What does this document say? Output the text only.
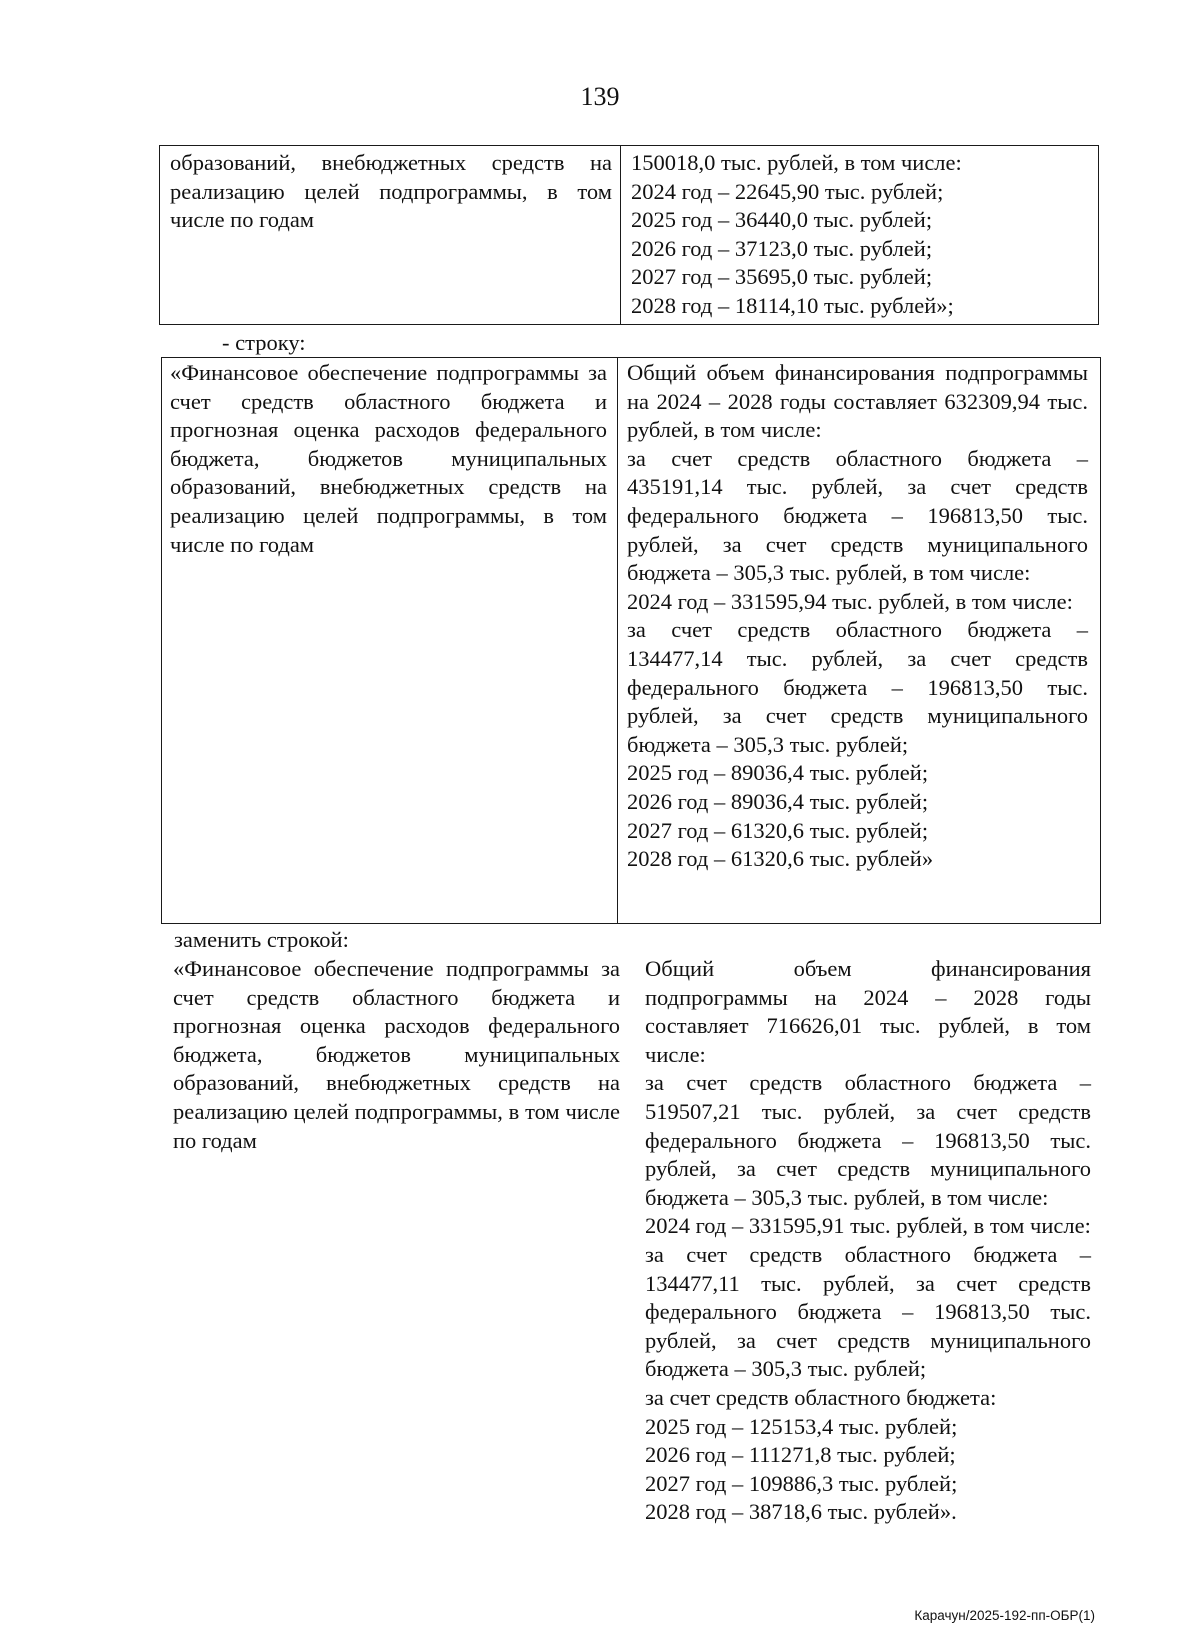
139
образований, внебюджетных средств на реализацию целей подпрограммы, в том числе по годам
150018,0 тыс. рублей, в том числе:
2024 год – 22645,90 тыс. рублей;
2025 год – 36440,0 тыс. рублей;
2026 год – 37123,0 тыс. рублей;
2027 год – 35695,0 тыс. рублей;
2028 год – 18114,10 тыс. рублей»;
- строку:
«Финансовое обеспечение подпрограммы за счет средств областного бюджета и прогнозная оценка расходов федерального бюджета, бюджетов муниципальных образований, внебюджетных средств на реализацию целей подпрограммы, в том числе по годам

Общий объем финансирования подпрограммы на 2024 – 2028 годы составляет 632309,94 тыс. рублей, в том числе:

за счет средств областного бюджета – 435191,14 тыс. рублей, за счет средств федерального бюджета – 196813,50 тыс. рублей, за счет средств муниципального бюджета – 305,3 тыс. рублей, в том числе:

2024 год – 331595,94 тыс. рублей, в том числе:

за счет средств областного бюджета – 134477,14 тыс. рублей, за счет средств федерального бюджета – 196813,50 тыс. рублей, за счет средств муниципального бюджета – 305,3 тыс. рублей;

2025 год – 89036,4 тыс. рублей;
2026 год – 89036,4 тыс. рублей;
2027 год – 61320,6 тыс. рублей;
2028 год – 61320,6 тыс. рублей»
заменить строкой:
«Финансовое обеспечение подпрограммы за счет средств областного бюджета и прогнозная оценка расходов федерального бюджета, бюджетов муниципальных образований, внебюджетных средств на реализацию целей подпрограммы, в том числе по годам

Общий объем финансирования подпрограммы на 2024 – 2028 годы составляет 716626,01 тыс. рублей, в том числе:

за счет средств областного бюджета – 519507,21 тыс. рублей, за счет средств федерального бюджета – 196813,50 тыс. рублей, за счет средств муниципального бюджета – 305,3 тыс. рублей, в том числе:

2024 год – 331595,91 тыс. рублей, в том числе:

за счет средств областного бюджета – 134477,11 тыс. рублей, за счет средств федерального бюджета – 196813,50 тыс. рублей, за счет средств муниципального бюджета – 305,3 тыс. рублей;

за счет средств областного бюджета:
2025 год – 125153,4 тыс. рублей;
2026 год – 111271,8 тыс. рублей;
2027 год – 109886,3 тыс. рублей;
2028 год – 38718,6 тыс. рублей».
Карачун/2025-192-пп-ОБР(1)
